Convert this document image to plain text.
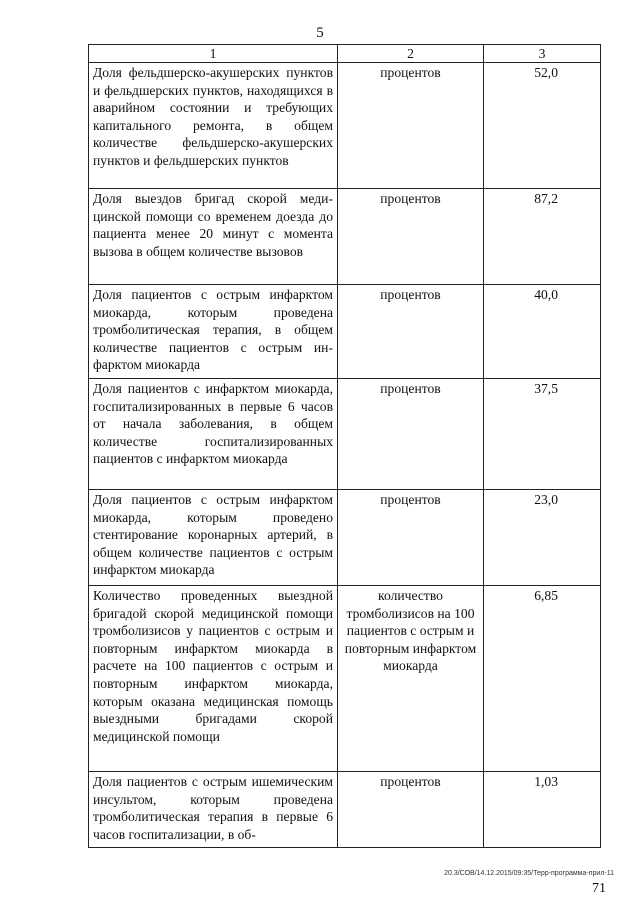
5
1	2	3
Доля фельдшерско-акушерских пунктов и фельдшерских пунктов, находящихся в аварийном состоянии и требующих капитального ремонта, в общем количестве фельдшерско-акушерских пунктов и фельдшерских пунктов	процентов	52,0
Доля выездов бригад скорой медицинской помощи со временем доезда до пациента менее 20 минут с момента вызова в общем количестве вызовов	процентов	87,2
Доля пациентов с острым инфарктом миокарда, которым проведена тромболитическая терапия, в общем количестве пациентов с острым инфарктом миокарда	процентов	40,0
Доля пациентов с инфарктом миокарда, госпитализированных в первые 6 часов от начала заболевания, в общем количестве госпитализированных пациентов с инфарктом миокарда	процентов	37,5
Доля пациентов с острым инфарктом миокарда, которым проведено стентирование коронарных артерий, в общем количестве пациентов с острым инфарктом миокарда	процентов	23,0
Количество проведенных выездной бригадой скорой медицинской помощи тромболизисов у пациентов с острым и повторным инфарктом миокарда в расчете на 100 пациентов с острым и повторным инфарктом миокарда, которым оказана медицинская помощь выездными бригадами скорой медицинской помощи	количество тромболизисов на 100 пациентов с острым и повторным инфарктом миокарда	6,85
Доля пациентов с острым ишемическим инсультом, которым проведена тромболитическая терапия в первые 6 часов госпитализации, в об-	процентов	1,03
20.3/СОВ/14.12.2015/09:35/Терр-программа-прил-11
71
